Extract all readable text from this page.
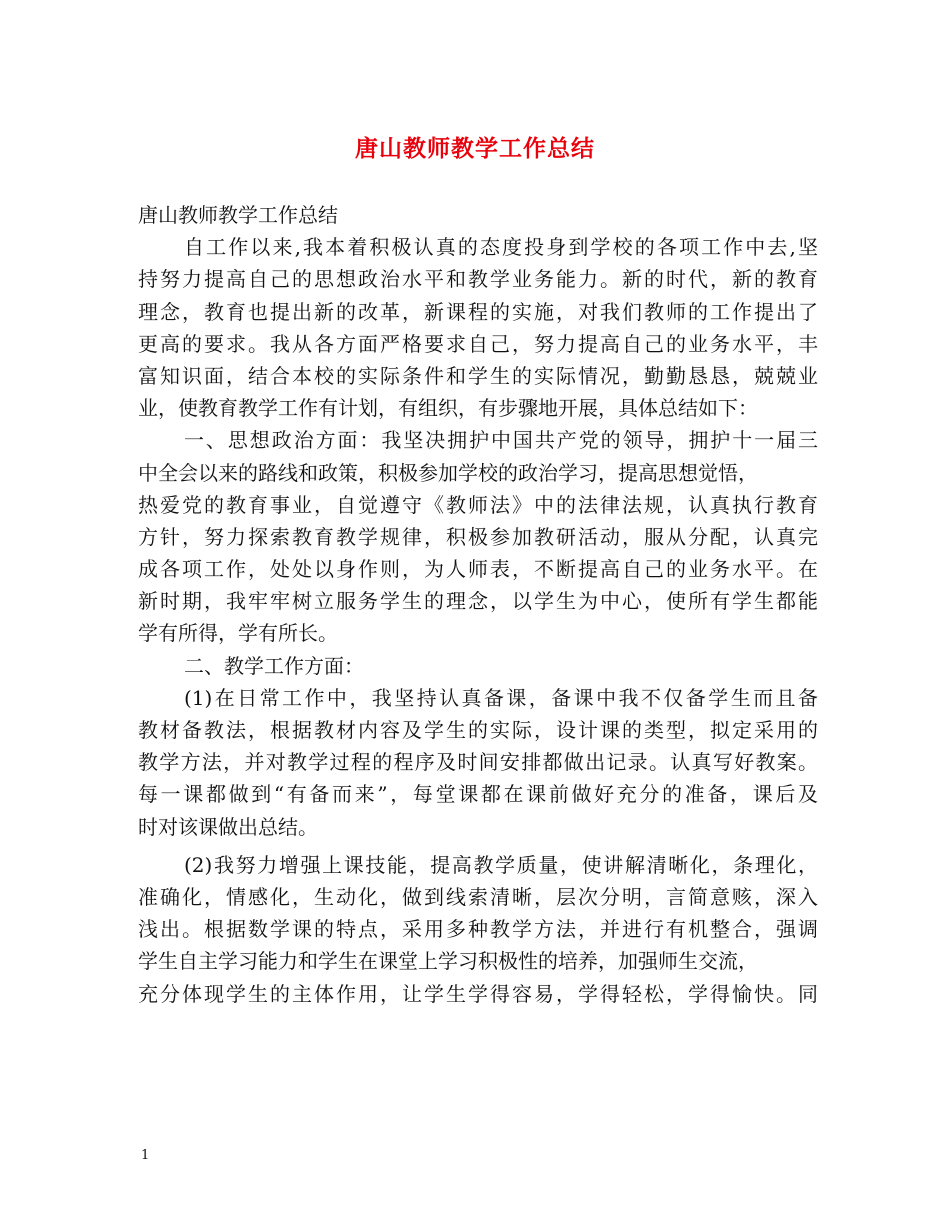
唐山教师教学工作总结
唐山教师教学工作总结
自工作以来,我本着积极认真的态度投身到学校的各项工作中去,坚
持努力提高自己的思想政治水平和教学业务能力。新的时代，新的教育
理念，教育也提出新的改革，新课程的实施，对我们教师的工作提出了
更高的要求。我从各方面严格要求自己，努力提高自己的业务水平，丰
富知识面，结合本校的实际条件和学生的实际情况，勤勤恳恳，兢兢业
业，使教育教学工作有计划，有组织，有步骤地开展，具体总结如下：
一、思想政治方面：我坚决拥护中国共产党的领导，拥护十一届三
中全会以来的路线和政策，积极参加学校的政治学习，提高思想觉悟，
热爱党的教育事业，自觉遵守《教师法》中的法律法规，认真执行教育
方针，努力探索教育教学规律，积极参加教研活动，服从分配，认真完
成各项工作，处处以身作则，为人师表，不断提高自己的业务水平。在
新时期，我牢牢树立服务学生的理念，以学生为中心，使所有学生都能
学有所得，学有所长。
二、教学工作方面：
(1)在日常工作中，我坚持认真备课，备课中我不仅备学生而且备
教材备教法，根据教材内容及学生的实际，设计课的类型，拟定采用的
教学方法，并对教学过程的程序及时间安排都做出记录。认真写好教案。
每一课都做到“有备而来”，每堂课都在课前做好充分的准备，课后及
时对该课做出总结。
(2)我努力增强上课技能，提高教学质量，使讲解清晰化，条理化，
准确化，情感化，生动化，做到线索清晰，层次分明，言简意赅，深入
浅出。根据数学课的特点，采用多种教学方法，并进行有机整合，强调
学生自主学习能力和学生在课堂上学习积极性的培养，加强师生交流，
充分体现学生的主体作用，让学生学得容易，学得轻松，学得愉快。同
1
